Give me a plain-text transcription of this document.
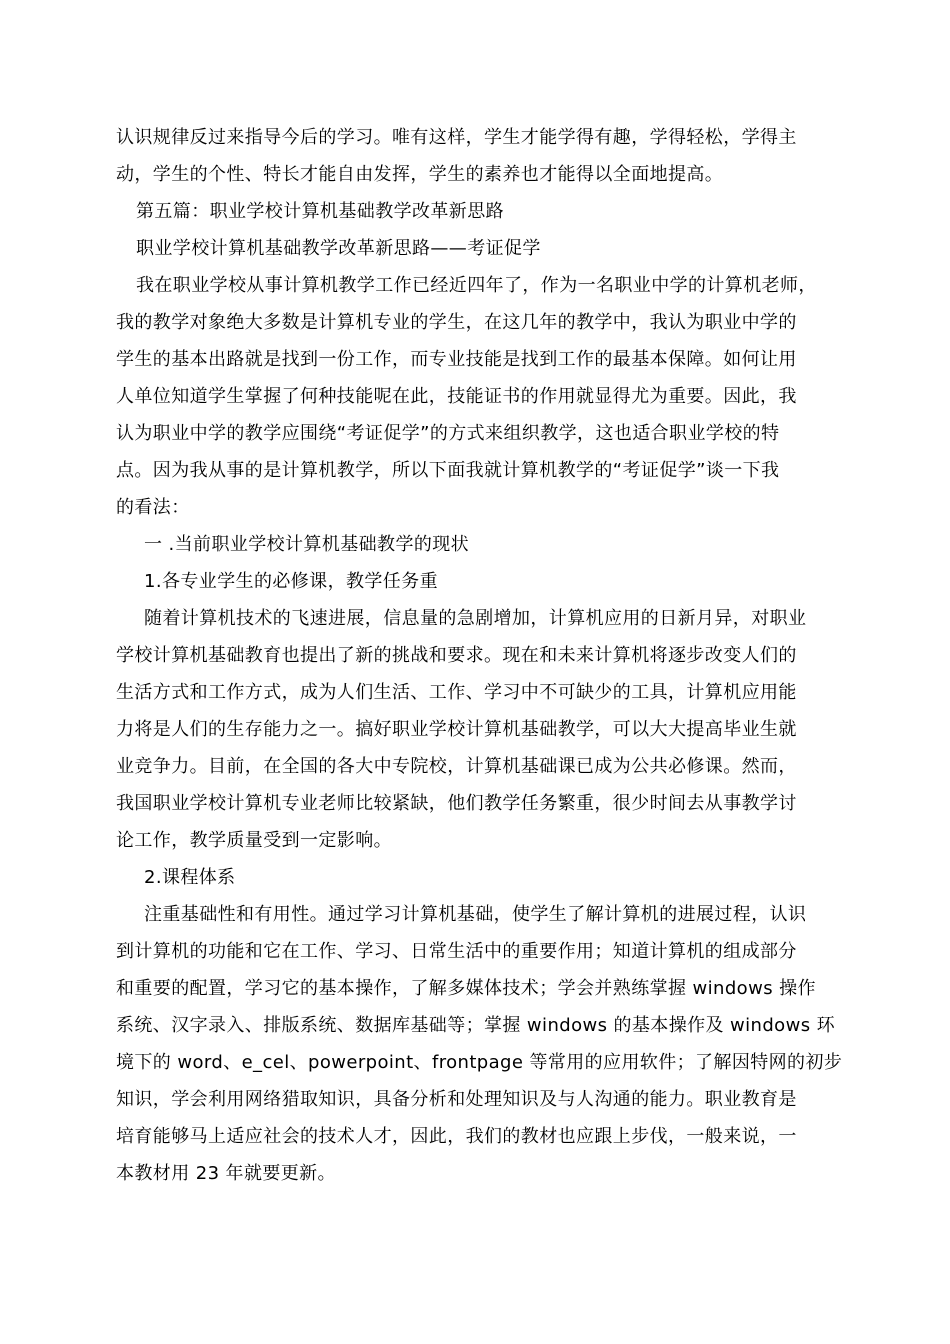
认识规律反过来指导今后的学习。唯有这样，学生才能学得有趣，学得轻松，学得主

动，学生的个性、特长才能自由发挥，学生的素养也才能得以全面地提高。

第五篇：职业学校计算机基础教学改革新思路

职业学校计算机基础教学改革新思路——考证促学

我在职业学校从事计算机教学工作已经近四年了，作为一名职业中学的计算机老师，

我的教学对象绝大多数是计算机专业的学生，在这几年的教学中，我认为职业中学的

学生的基本出路就是找到一份工作，而专业技能是找到工作的最基本保障。如何让用

人单位知道学生掌握了何种技能呢在此，技能证书的作用就显得尤为重要。因此，我

认为职业中学的教学应围绕“考证促学”的方式来组织教学，这也适合职业学校的特

点。因为我从事的是计算机教学，所以下面我就计算机教学的“考证促学”谈一下我

的看法：

一 .当前职业学校计算机基础教学的现状

1.各专业学生的必修课，教学任务重

随着计算机技术的飞速进展，信息量的急剧增加，计算机应用的日新月异，对职业

学校计算机基础教育也提出了新的挑战和要求。现在和未来计算机将逐步改变人们的

生活方式和工作方式，成为人们生活、工作、学习中不可缺少的工具，计算机应用能

力将是人们的生存能力之一。搞好职业学校计算机基础教学，可以大大提高毕业生就

业竞争力。目前，在全国的各大中专院校，计算机基础课已成为公共必修课。然而，

我国职业学校计算机专业老师比较紧缺，他们教学任务繁重，很少时间去从事教学讨

论工作，教学质量受到一定影响。

2.课程体系

注重基础性和有用性。通过学习计算机基础，使学生了解计算机的进展过程，认识

到计算机的功能和它在工作、学习、日常生活中的重要作用；知道计算机的组成部分

和重要的配置，学习它的基本操作，了解多媒体技术；学会并熟练掌握 windows 操作

系统、汉字录入、排版系统、数据库基础等；掌握 windows 的基本操作及 windows 环

境下的 word、e_cel、powerpoint、frontpage 等常用的应用软件；了解因特网的初步

知识，学会利用网络猎取知识，具备分析和处理知识及与人沟通的能力。职业教育是

培育能够马上适应社会的技术人才，因此，我们的教材也应跟上步伐，一般来说，一

本教材用 23 年就要更新。
